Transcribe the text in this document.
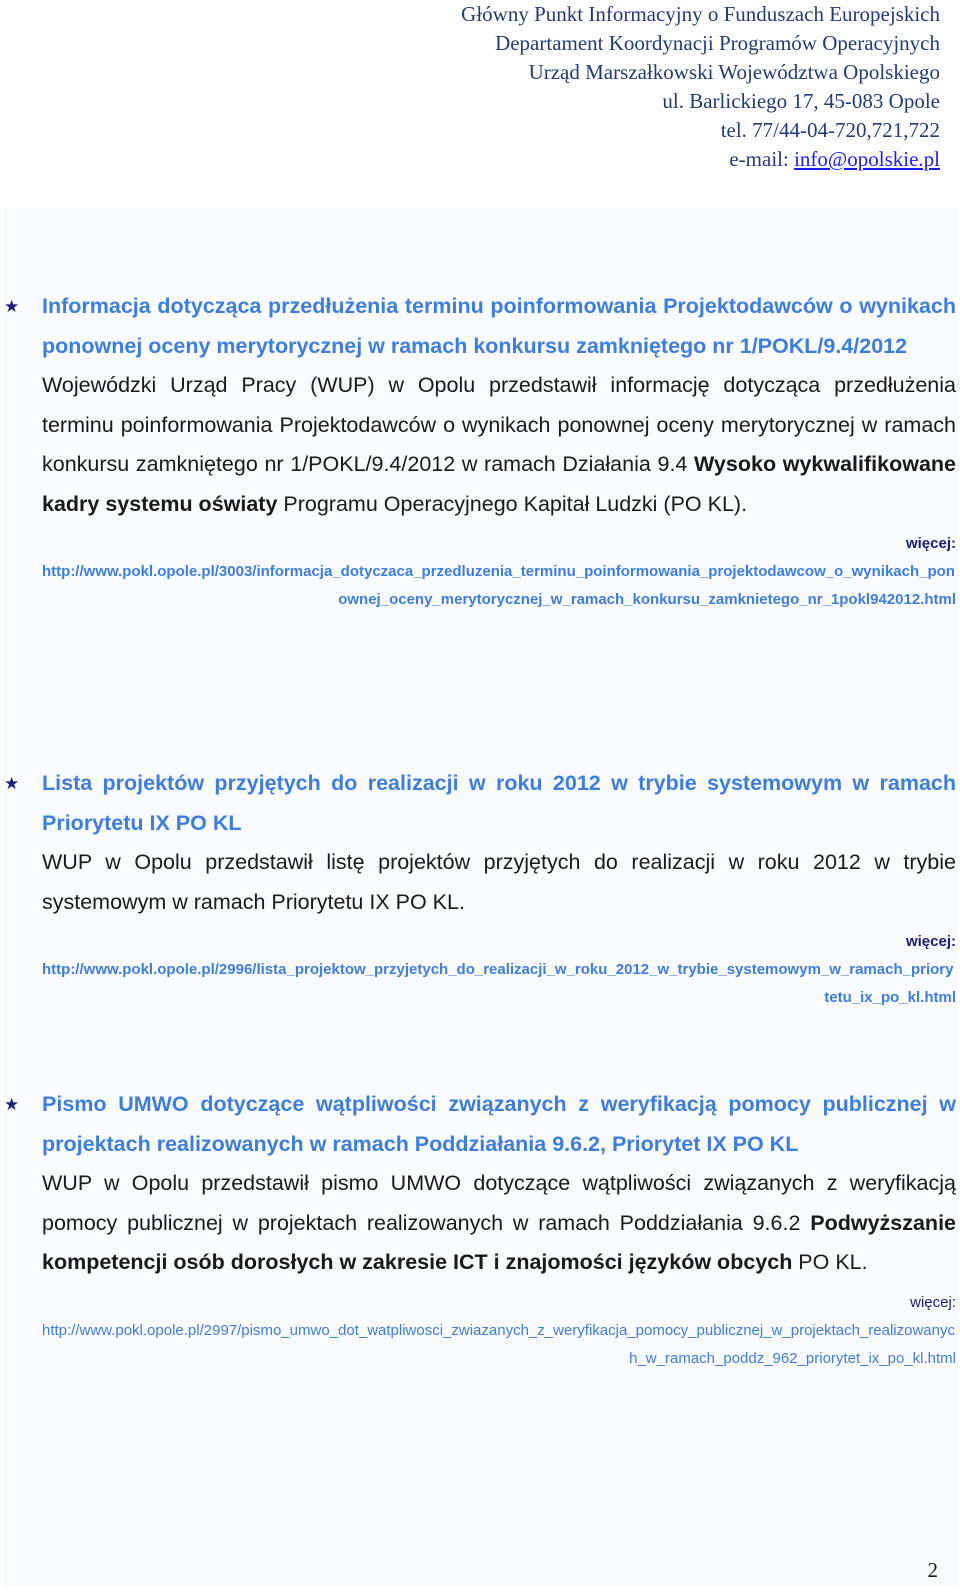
Główny Punkt Informacyjny o Funduszach Europejskich
Departament Koordynacji Programów Operacyjnych
Urząd Marszałkowski Województwa Opolskiego
ul. Barlickiego 17, 45-083 Opole
tel. 77/44-04-720,721,722
e-mail: info@opolskie.pl
★	Informacja dotycząca przedłużenia terminu poinformowania Projektodawców o wynikach ponownej oceny merytorycznej w ramach konkursu zamkniętego nr 1/POKL/9.4/2012
Wojewódzki Urząd Pracy (WUP) w Opolu przedstawił informację dotycząca przedłużenia terminu poinformowania Projektodawców o wynikach ponownej oceny merytorycznej w ramach konkursu zamkniętego nr 1/POKL/9.4/2012 w ramach Działania 9.4 Wysoko wykwalifikowane kadry systemu oświaty Programu Operacyjnego Kapitał Ludzki (PO KL).
więcej:
http://www.pokl.opole.pl/3003/informacja_dotyczaca_przedluzenia_terminu_poinformowania_projektodawcow_o_wynikach_ponownej_oceny_merytorycznej_w_ramach_konkursu_zamknietego_nr_1pokl942012.html
★	Lista projektów przyjętych do realizacji w roku 2012 w trybie systemowym w ramach Priorytetu IX PO KL
WUP w Opolu przedstawił listę projektów przyjętych do realizacji w roku 2012 w trybie systemowym w ramach Priorytetu IX PO KL.
więcej:
http://www.pokl.opole.pl/2996/lista_projektow_przyjetych_do_realizacji_w_roku_2012_w_trybie_systemowym_w_ramach_priorytetu_ix_po_kl.html
★	Pismo UMWO dotyczące wątpliwości związanych z weryfikacją pomocy publicznej w projektach realizowanych w ramach Poddziałania 9.6.2, Priorytet IX PO KL
WUP w Opolu przedstawił pismo UMWO dotyczące wątpliwości związanych z weryfikacją pomocy publicznej w projektach realizowanych w ramach Poddziałania 9.6.2 Podwyższanie kompetencji osób dorosłych w zakresie ICT i znajomości języków obcych PO KL.
więcej:
http://www.pokl.opole.pl/2997/pismo_umwo_dot_watpliwosci_zwiazanych_z_weryfikacja_pomocy_publicznej_w_projektach_realizowanych_w_ramach_poddz_962_priorytet_ix_po_kl.html
2
